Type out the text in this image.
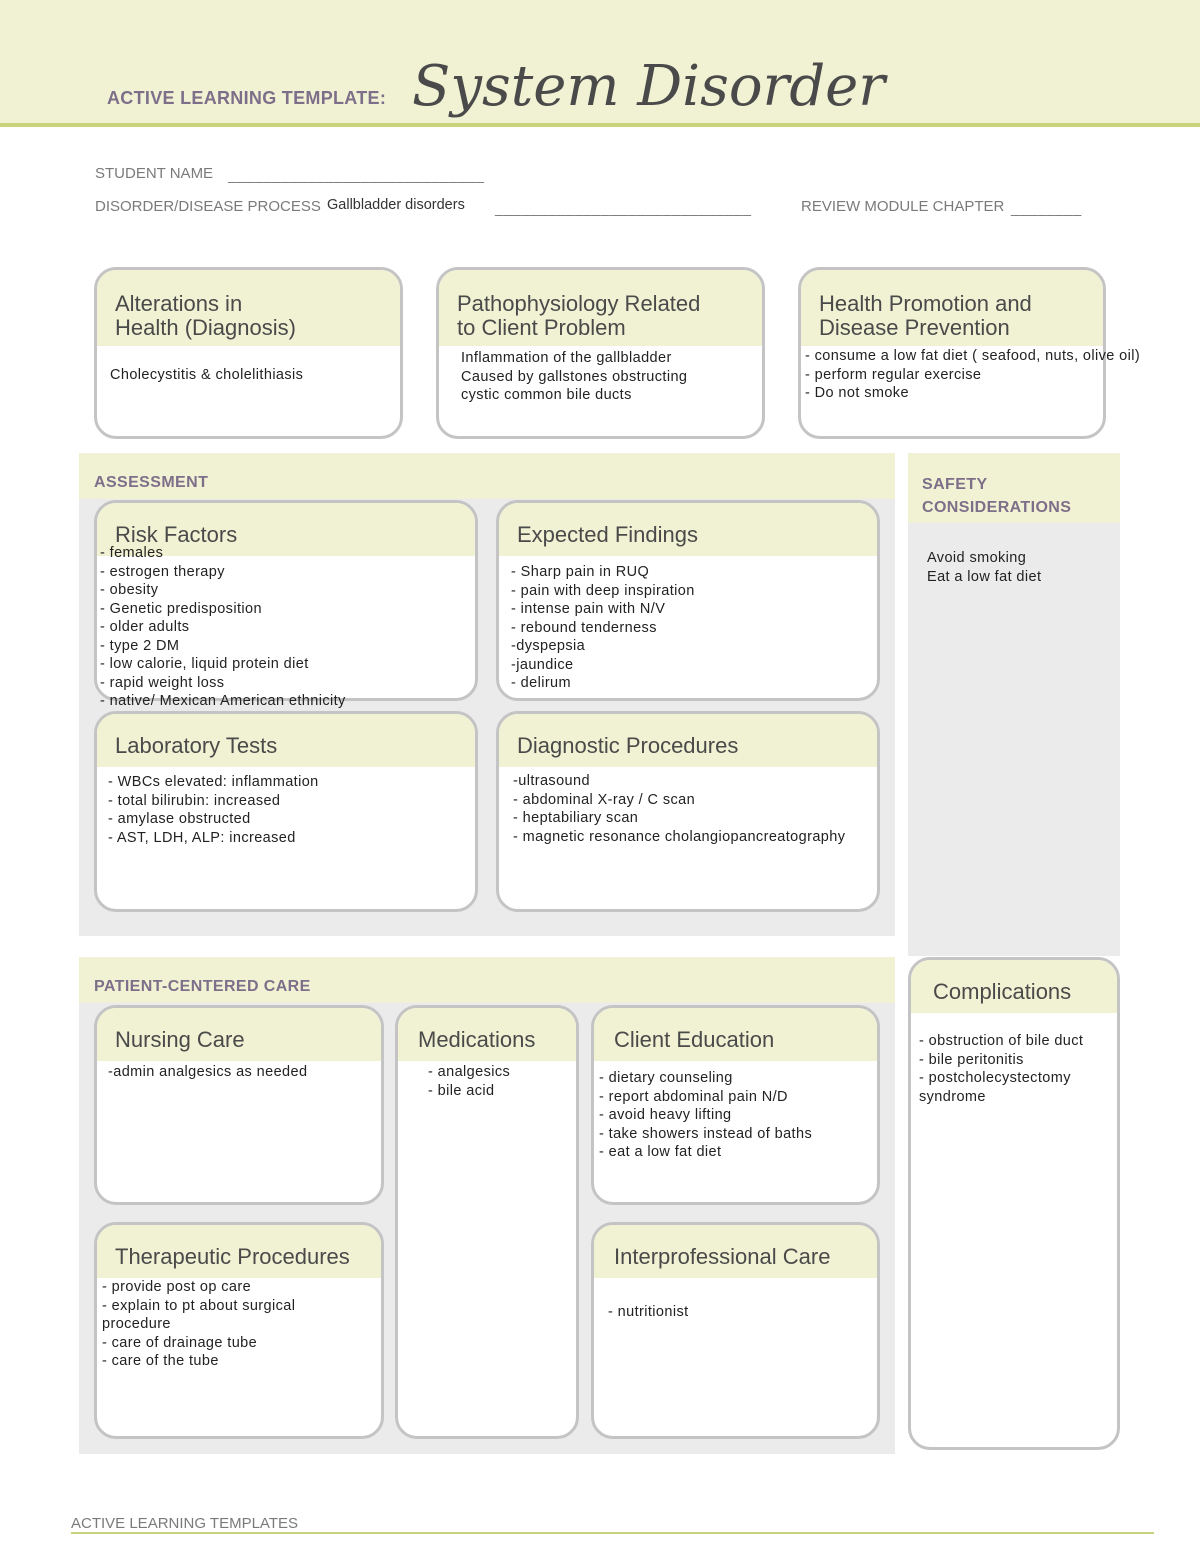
ACTIVE LEARNING TEMPLATE: System Disorder
STUDENT NAME _____________________________
DISORDER/DISEASE PROCESS Gallbladder disorders _____________________________	REVIEW MODULE CHAPTER ________
Alterations in
Health (Diagnosis)
Cholecystitis & cholelithiasis
Pathophysiology Related
to Client Problem
Inflammation of the gallbladder
Caused by gallstones obstructing
cystic common bile ducts
Health Promotion and
Disease Prevention
- consume a low fat diet ( seafood, nuts, olive oil)
- perform regular exercise
- Do not smoke
ASSESSMENT
Risk Factors
- females
- estrogen therapy
- obesity
- Genetic predisposition
- older adults
- type 2 DM
- low calorie, liquid protein diet
- rapid weight loss
- native/ Mexican American ethnicity
Expected Findings
- Sharp pain in RUQ
- pain with deep inspiration
- intense pain with N/V
- rebound tenderness
-dyspepsia
-jaundice
- delirum
Laboratory Tests
- WBCs elevated: inflammation
- total bilirubin: increased
- amylase obstructed
- AST, LDH, ALP: increased
Diagnostic Procedures
-ultrasound
- abdominal X-ray / C scan
- heptabiliary scan
- magnetic resonance cholangiopancreatography
SAFETY
CONSIDERATIONS
Avoid smoking
Eat a low fat diet
Complications
- obstruction of bile duct
- bile peritonitis
- postcholecystectomy
syndrome
PATIENT-CENTERED CARE
Nursing Care
-admin analgesics as needed
Medications
- analgesics
- bile acid
Client Education
- dietary counseling
- report abdominal pain N/D
- avoid heavy lifting
- take showers instead of baths
- eat a low fat diet
Therapeutic Procedures
- provide post op care
- explain to pt about surgical
procedure
- care of drainage tube
- care of the tube
Interprofessional Care
- nutritionist
ACTIVE LEARNING TEMPLATES
